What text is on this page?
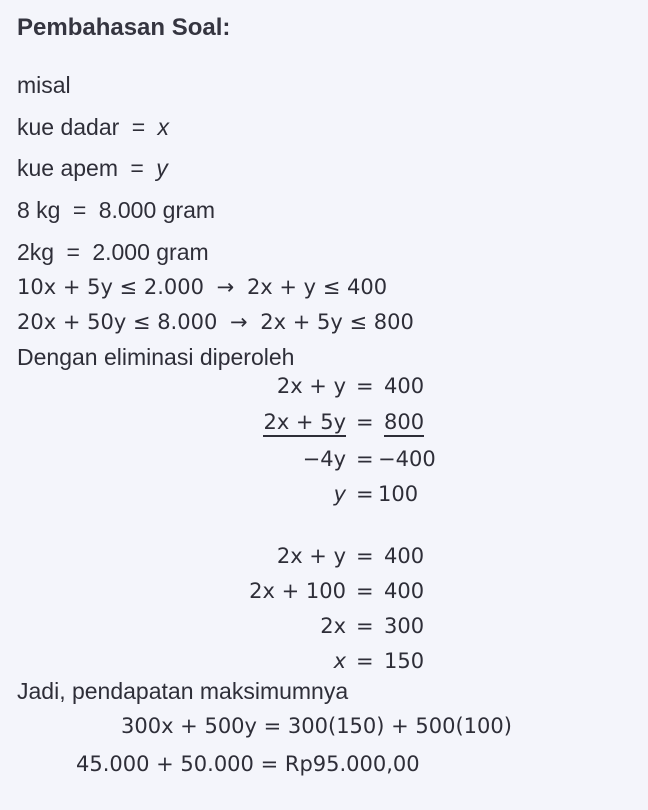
Pembahasan Soal:
misal
kue dadar = x
kue apem = y
8 kg = 8.000 gram
2kg = 2.000 gram
10x + 5y ≤ 2.000 → 2x + y ≤ 400
20x + 50y ≤ 8.000 → 2x + 5y ≤ 800
Dengan eliminasi diperoleh
2x + y = 400
2x + 5y = 800
−4y = −400
y = 100
2x + y = 400
2x + 100 = 400
2x = 300
x = 150
Jadi, pendapatan maksimumnya
300x + 500y = 300(150) + 500(100)
45.000 + 50.000 = Rp95.000,00
